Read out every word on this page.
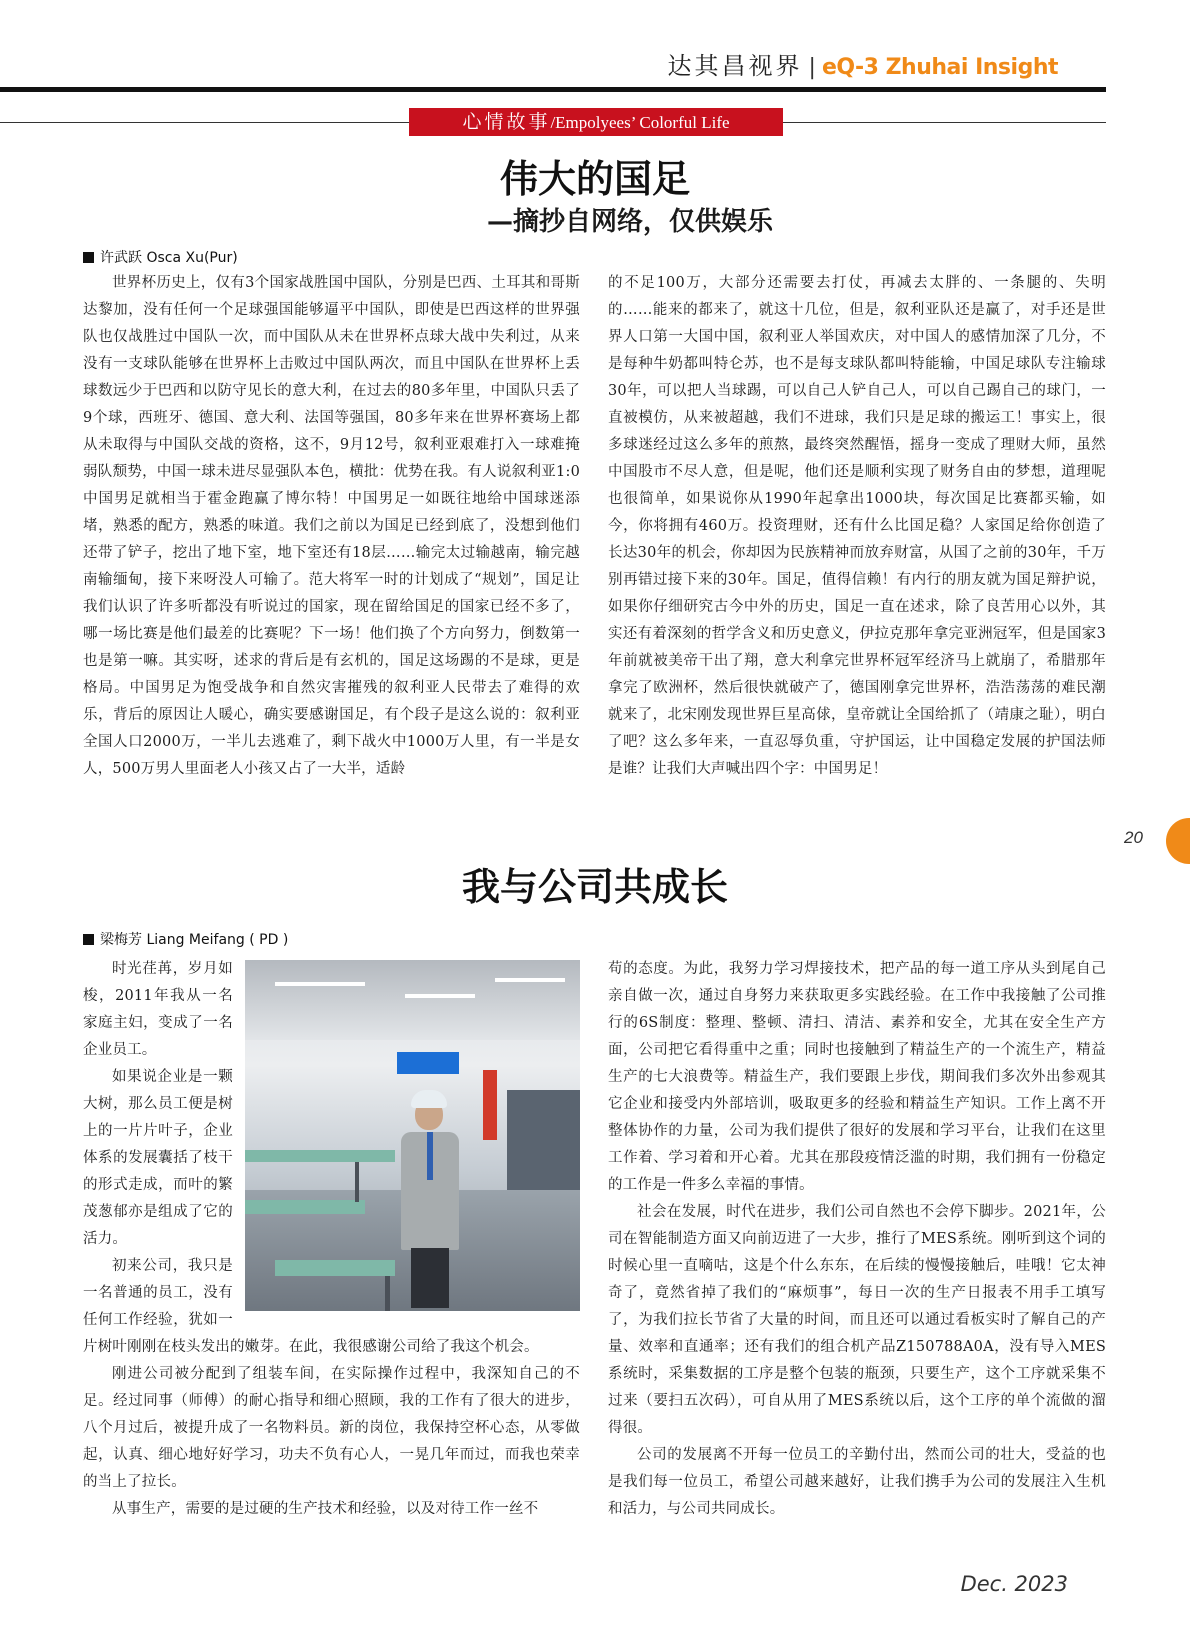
达其昌视界 | eQ-3 Zhuhai Insight
心情故事/Empolyees’ Colorful Life
伟大的国足
—摘抄自网络，仅供娱乐
许武跃 Osca Xu(Pur)

世界杯历史上，仅有3个国家战胜国中国队，分别是巴西、土耳其和哥斯达黎加，没有任何一个足球强国能够逼平中国队，即使是巴西这样的世界强队也仅战胜过中国队一次，而中国队从未在世界杯点球大战中失利过，从来没有一支球队能够在世界杯上击败过中国队两次，而且中国队在世界杯上丢球数远少于巴西和以防守见长的意大利，在过去的80多年里，中国队只丢了9个球，西班牙、德国、意大利、法国等强国，80多年来在世界杯赛场上都从未取得与中国队交战的资格，这不，9月12号，叙利亚艰难打入一球难掩弱队颓势，中国一球未进尽显强队本色，横批：优势在我。有人说叙利亚1:0中国男足就相当于霍金跑赢了博尔特！中国男足一如既往地给中国球迷添堵，熟悉的配方，熟悉的味道。我们之前以为国足已经到底了，没想到他们还带了铲子，挖出了地下室，地下室还有18层……输完太过输越南，输完越南输缅甸，接下来呀没人可输了。范大将军一时的计划成了“规划”，国足让我们认识了许多听都没有听说过的国家，现在留给国足的国家已经不多了，哪一场比赛是他们最差的比赛呢？下一场！他们换了个方向努力，倒数第一也是第一嘛。其实呀，述求的背后是有玄机的，国足这场踢的不是球，更是格局。中国男足为饱受战争和自然灾害摧残的叙利亚人民带去了难得的欢乐，背后的原因让人暖心，确实要感谢国足，有个段子是这么说的：叙利亚全国人口2000万，一半儿去逃难了，剩下战火中1000万人里，有一半是女人，500万男人里面老人小孩又占了一大半，适龄

的不足100万，大部分还需要去打仗，再减去太胖的、一条腿的、失明的……能来的都来了，就这十几位，但是，叙利亚队还是赢了，对手还是世界人口第一大国中国，叙利亚人举国欢庆，对中国人的感情加深了几分，不是每种牛奶都叫特仑苏，也不是每支球队都叫特能输，中国足球队专注输球30年，可以把人当球踢，可以自己人铲自己人，可以自己踢自己的球门，一直被模仿，从来被超越，我们不进球，我们只是足球的搬运工！事实上，很多球迷经过这么多年的煎熬，最终突然醒悟，摇身一变成了理财大师，虽然中国股市不尽人意，但是呢，他们还是顺利实现了财务自由的梦想，道理呢也很简单，如果说你从1990年起拿出1000块，每次国足比赛都买输，如今，你将拥有460万。投资理财，还有什么比国足稳？人家国足给你创造了长达30年的机会，你却因为民族精神而放弃财富，从国了之前的30年，千万别再错过接下来的30年。国足，值得信赖！有内行的朋友就为国足辩护说，如果你仔细研究古今中外的历史，国足一直在述求，除了良苦用心以外，其实还有着深刻的哲学含义和历史意义，伊拉克那年拿完亚洲冠军，但是国家3年前就被美帝干出了翔，意大利拿完世界杯冠军经济马上就崩了，希腊那年拿完了欧洲杯，然后很快就破产了，德国刚拿完世界杯，浩浩荡荡的难民潮就来了，北宋刚发现世界巨星高俅，皇帝就让全国给抓了（靖康之耻），明白了吧？这么多年来，一直忍辱负重，守护国运，让中国稳定发展的护国法师是谁？让我们大声喊出四个字：中国男足！

我与公司共成长
梁梅芳 Liang Meifang ( PD )

时光荏苒，岁月如梭，2011年我从一名家庭主妇，变成了一名企业员工。

如果说企业是一颗大树，那么员工便是树上的一片片叶子，企业体系的发展囊括了枝干的形式走成，而叶的繁茂葱郁亦是组成了它的活力。

初来公司，我只是一名普通的员工，没有任何工作经验，犹如一片树叶刚刚在枝头发出的嫩芽。在此，我很感谢公司给了我这个机会。

刚进公司被分配到了组装车间，在实际操作过程中，我深知自己的不足。经过同事（师傅）的耐心指导和细心照顾，我的工作有了很大的进步，八个月过后，被提升成了一名物料员。新的岗位，我保持空杯心态，从零做起，认真、细心地好好学习，功夫不负有心人，一晃几年而过，而我也荣幸的当上了拉长。

从事生产，需要的是过硬的生产技术和经验，以及对待工作一丝不

苟的态度。为此，我努力学习焊接技术，把产品的每一道工序从头到尾自己亲自做一次，通过自身努力来获取更多实践经验。在工作中我接触了公司推行的6S制度：整理、整顿、清扫、清洁、素养和安全，尤其在安全生产方面，公司把它看得重中之重；同时也接触到了精益生产的一个流生产，精益生产的七大浪费等。精益生产，我们要跟上步伐，期间我们多次外出参观其它企业和接受内外部培训，吸取更多的经验和精益生产知识。工作上离不开整体协作的力量，公司为我们提供了很好的发展和学习平台，让我们在这里工作着、学习着和开心着。尤其在那段疫情泛滥的时期，我们拥有一份稳定的工作是一件多么幸福的事情。

社会在发展，时代在进步，我们公司自然也不会停下脚步。2021年，公司在智能制造方面又向前迈进了一大步，推行了MES系统。刚听到这个词的时候心里一直嘀咕，这是个什么东东，在后续的慢慢接触后，哇哦！它太神奇了，竟然省掉了我们的“麻烦事”，每日一次的生产日报表不用手工填写了，为我们拉长节省了大量的时间，而且还可以通过看板实时了解自己的产量、效率和直通率；还有我们的组合机产品Z150788A0A，没有导入MES系统时，采集数据的工序是整个包装的瓶颈，只要生产，这个工序就采集不过来（要扫五次码），可自从用了MES系统以后，这个工序的单个流做的溜得很。

公司的发展离不开每一位员工的辛勤付出，然而公司的壮大，受益的也是我们每一位员工，希望公司越来越好，让我们携手为公司的发展注入生机和活力，与公司共同成长。

20
Dec. 2023
